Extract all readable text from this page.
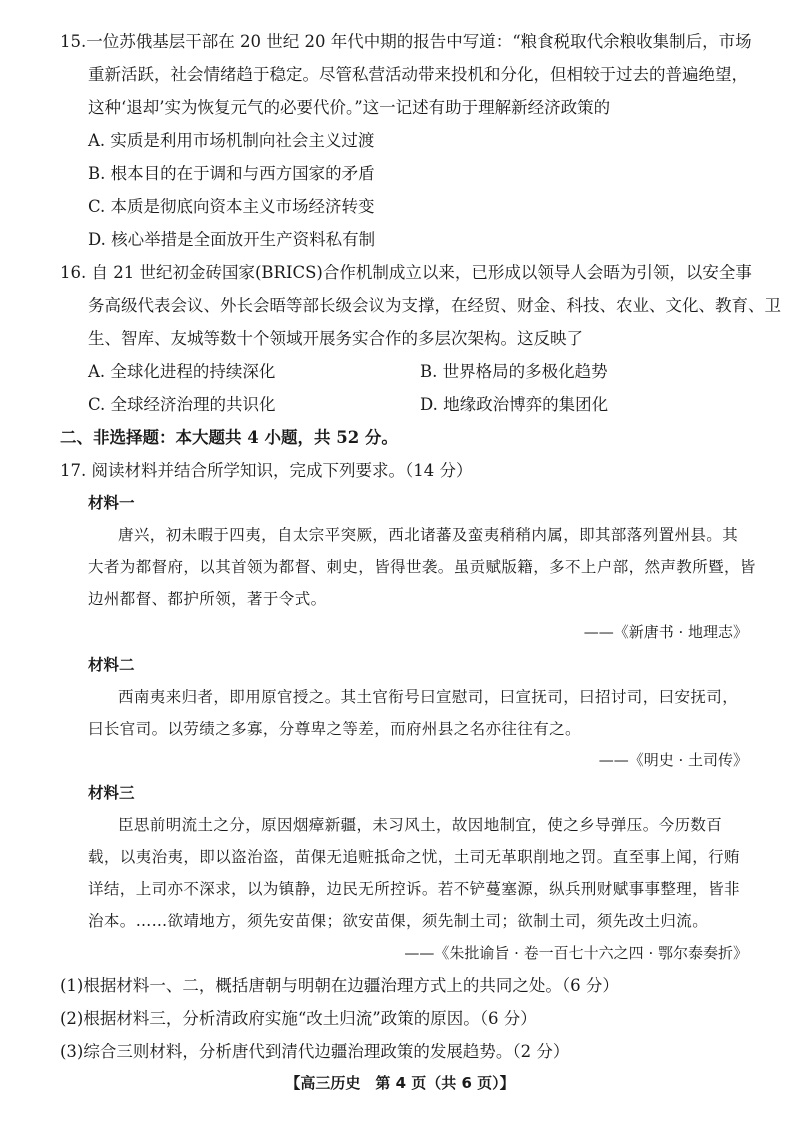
15.一位苏俄基层干部在 20 世纪 20 年代中期的报告中写道：“粮食税取代余粮收集制后，市场
重新活跃，社会情绪趋于稳定。尽管私营活动带来投机和分化，但相较于过去的普遍绝望，
这种‘退却’实为恢复元气的必要代价。”这一记述有助于理解新经济政策的
A. 实质是利用市场机制向社会主义过渡
B. 根本目的在于调和与西方国家的矛盾
C. 本质是彻底向资本主义市场经济转变
D. 核心举措是全面放开生产资料私有制
16. 自 21 世纪初金砖国家(BRICS)合作机制成立以来，已形成以领导人会晤为引领，以安全事
务高级代表会议、外长会晤等部长级会议为支撑，在经贸、财金、科技、农业、文化、教育、卫
生、智库、友城等数十个领域开展务实合作的多层次架构。这反映了
A. 全球化进程的持续深化	B. 世界格局的多极化趋势
C. 全球经济治理的共识化	D. 地缘政治博弈的集团化
二、非选择题：本大题共 4 小题，共 52 分。
17. 阅读材料并结合所学知识，完成下列要求。（14 分）
材料一
唐兴，初未暇于四夷，自太宗平突厥，西北诸蕃及蛮夷稍稍内属，即其部落列置州县。其
大者为都督府，以其首领为都督、刺史，皆得世袭。虽贡赋版籍，多不上户部，然声教所暨，皆
边州都督、都护所领，著于令式。
——《新唐书 · 地理志》
材料二
西南夷来归者，即用原官授之。其土官衔号曰宣慰司，曰宣抚司，曰招讨司，曰安抚司，
曰长官司。以劳绩之多寡，分尊卑之等差，而府州县之名亦往往有之。
——《明史 · 土司传》
材料三
臣思前明流土之分，原因烟瘴新疆，未习风土，故因地制宜，使之乡导弹压。今历数百
载，以夷治夷，即以盗治盗，苗倮无追赃抵命之忧，土司无革职削地之罚。直至事上闻，行贿
详结，上司亦不深求，以为镇静，边民无所控诉。若不铲蔓塞源，纵兵刑财赋事事整理，皆非
治本。……欲靖地方，须先安苗倮；欲安苗倮，须先制土司；欲制土司，须先改土归流。
——《朱批谕旨 · 卷一百七十六之四 · 鄂尔泰奏折》
(1)根据材料一、二，概括唐朝与明朝在边疆治理方式上的共同之处。（6 分）
(2)根据材料三，分析清政府实施“改土归流”政策的原因。（6 分）
(3)综合三则材料，分析唐代到清代边疆治理政策的发展趋势。（2 分）
【高三历史　第 4 页（共 6 页）】
